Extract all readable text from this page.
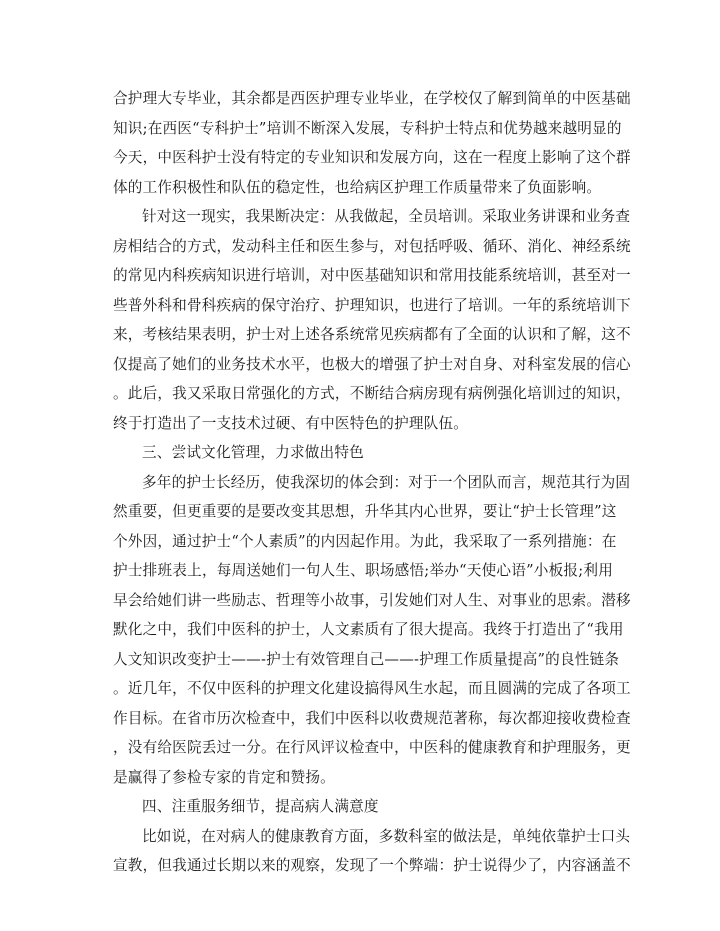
合护理大专毕业，其余都是西医护理专业毕业，在学校仅了解到简单的中医基础
知识;在西医“专科护士”培训不断深入发展，专科护士特点和优势越来越明显的
今天，中医科护士没有特定的专业知识和发展方向，这在一程度上影响了这个群
体的工作积极性和队伍的稳定性，也给病区护理工作质量带来了负面影响。
针对这一现实，我果断决定：从我做起，全员培训。采取业务讲课和业务查
房相结合的方式，发动科主任和医生参与，对包括呼吸、循环、消化、神经系统
的常见内科疾病知识进行培训，对中医基础知识和常用技能系统培训，甚至对一
些普外科和骨科疾病的保守治疗、护理知识，也进行了培训。一年的系统培训下
来，考核结果表明，护士对上述各系统常见疾病都有了全面的认识和了解，这不
仅提高了她们的业务技术水平，也极大的增强了护士对自身、对科室发展的信心
。此后，我又采取日常强化的方式，不断结合病房现有病例强化培训过的知识，
终于打造出了一支技术过硬、有中医特色的护理队伍。
三、尝试文化管理，力求做出特色
多年的护士长经历，使我深切的体会到：对于一个团队而言，规范其行为固
然重要，但更重要的是要改变其思想，升华其内心世界，要让“护士长管理”这
个外因，通过护士“个人素质”的内因起作用。为此，我采取了一系列措施：在
护士排班表上，每周送她们一句人生、职场感悟;举办“天使心语”小板报;利用
早会给她们讲一些励志、哲理等小故事，引发她们对人生、对事业的思索。潜移
默化之中，我们中医科的护士，人文素质有了很大提高。我终于打造出了“我用
人文知识改变护士——-护士有效管理自己——-护理工作质量提高”的良性链条
。近几年，不仅中医科的护理文化建设搞得风生水起，而且圆满的完成了各项工
作目标。在省市历次检查中，我们中医科以收费规范著称，每次都迎接收费检查
，没有给医院丢过一分。在行风评议检查中，中医科的健康教育和护理服务，更
是赢得了参检专家的肯定和赞扬。
四、注重服务细节，提高病人满意度
比如说，在对病人的健康教育方面，多数科室的做法是，单纯依靠护士口头
宣教，但我通过长期以来的观察，发现了一个弊端：护士说得少了，内容涵盖不
